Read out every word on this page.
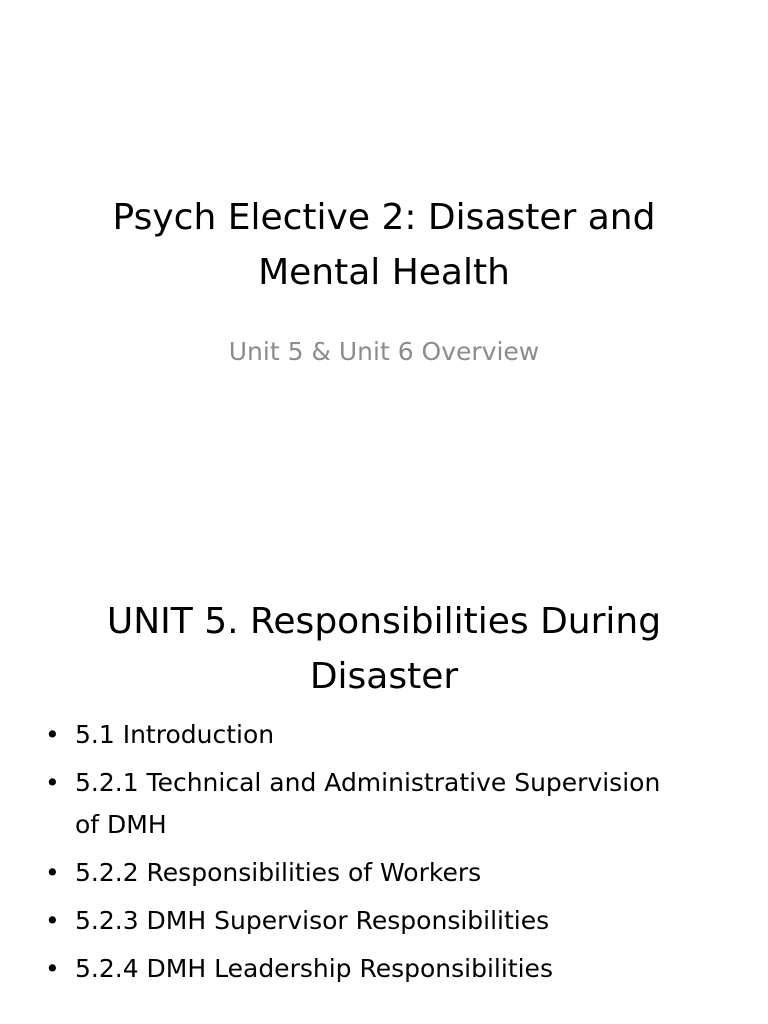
Psych Elective 2: Disaster and
Mental Health

Unit 5 & Unit 6 Overview

UNIT 5. Responsibilities During
Disaster
• 5.1 Introduction
• 5.2.1 Technical and Administrative Supervision
of DMH
• 5.2.2 Responsibilities of Workers
• 5.2.3 DMH Supervisor Responsibilities
• 5.2.4 DMH Leadership Responsibilities
